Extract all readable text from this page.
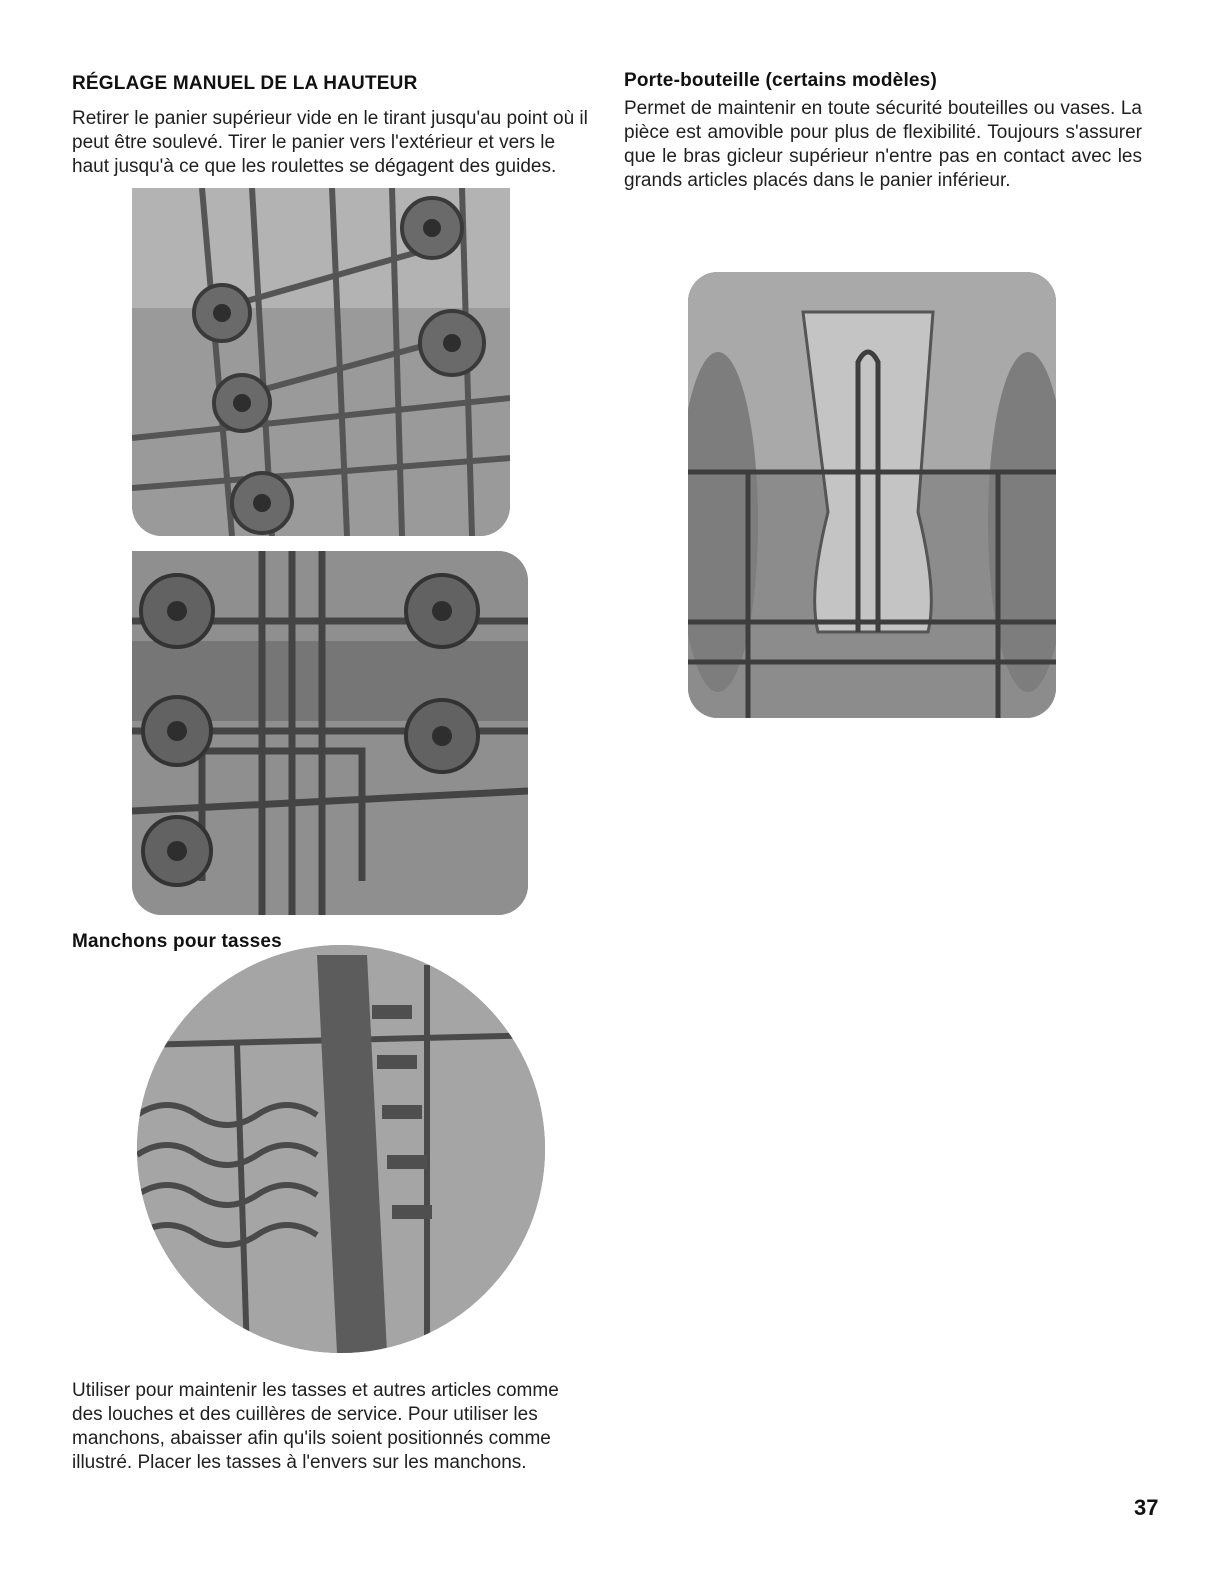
RÉGLAGE MANUEL DE LA HAUTEUR
Retirer le panier supérieur vide en le tirant jusqu'au point où il peut être soulevé. Tirer le panier vers l'extérieur et vers le haut jusqu'à ce que les roulettes se dégagent des guides.
Manchons pour tasses
Utiliser pour maintenir les tasses et autres articles comme des louches et des cuillères de service. Pour utiliser les manchons, abaisser afin qu'ils soient positionnés comme illustré. Placer les tasses à l'envers sur les manchons.
Porte-bouteille (certains modèles)
Permet de maintenir en toute sécurité bouteilles ou vases. La pièce est amovible pour plus de flexibilité. Toujours s'assurer que le bras gicleur supérieur n'entre pas en contact avec les grands articles placés dans le panier inférieur.
37
